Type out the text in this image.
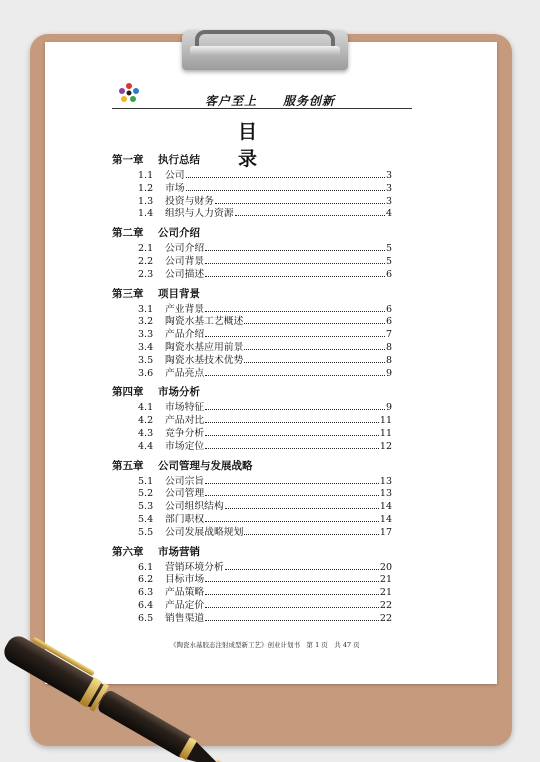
客户至上　　服务创新
目 录
第一章 执行总结
1.1	公司	3
1.2	市场	3
1.3	投资与财务	3
1.4	组织与人力资源	4
第二章 公司介绍
2.1	公司介绍	5
2.2	公司背景	5
2.3	公司描述	6
第三章 项目背景
3.1	产业背景	6
3.2	陶瓷水基工艺概述	6
3.3	产品介绍	7
3.4	陶瓷水基应用前景	8
3.5	陶瓷水基技术优势	8
3.6	产品亮点	9
第四章 市场分析
4.1	市场特征	9
4.2	产品对比	11
4.3	竞争分析	11
4.4	市场定位	12
第五章 公司管理与发展战略
5.1	公司宗旨	13
5.2	公司管理	13
5.3	公司组织结构	14
5.4	部门职权	14
5.5	公司发展战略规划	17
第六章 市场营销
6.1	营销环境分析	20
6.2	目标市场	21
6.3	产品策略	21
6.4	产品定价	22
6.5	销售渠道	22
《陶瓷水基胶态注射成型新工艺》创业计划书　第 1 页　共 47 页
